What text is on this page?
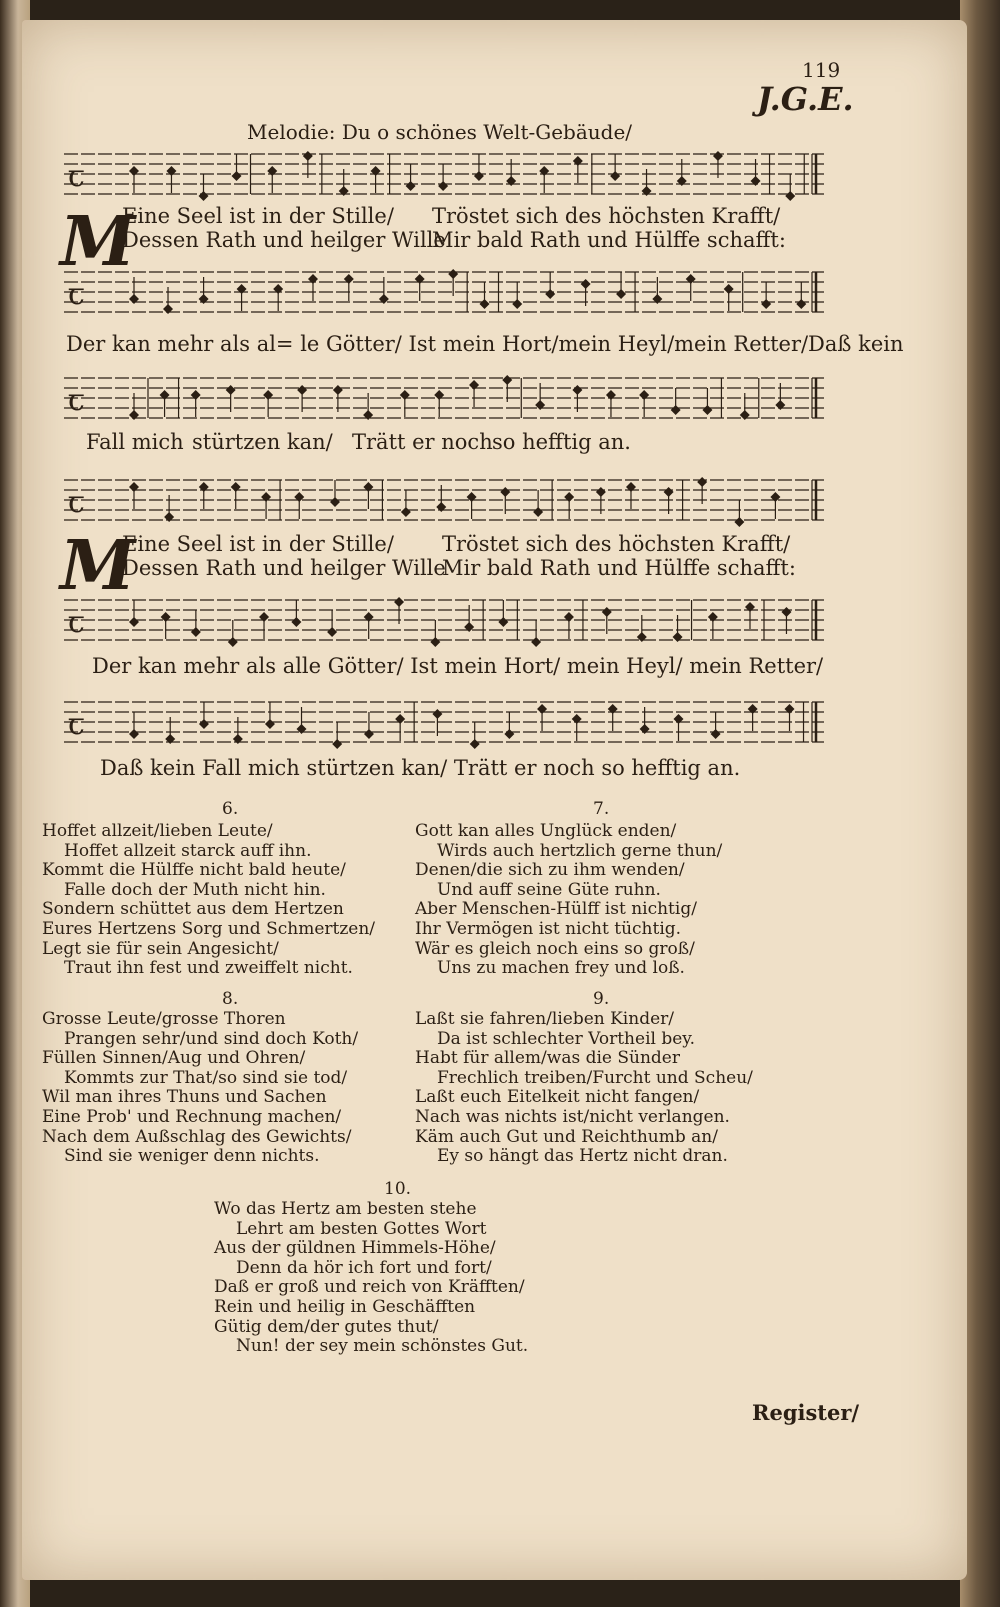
119
J.G.E.
Melodie: Du o schönes Welt-Gebäude/
ꞇ
M
Eine Seel ist in der Stille/ Tröstet sich des höchsten Krafft/
Dessen Rath und heilger Wille
Mir bald Rath und Hülffe schafft:
ꞇ
Der kan mehr als al= le Götter/ Ist mein Hort/mein Heyl/mein Retter/Daß kein
ꞇ
Fall mich stürtzen kan/ Trätt er noch so hefftig an.
ꞇ
M
Eine Seel ist in der Stille/ Tröstet sich des höchsten Krafft/
Dessen Rath und heilger Wille
Mir bald Rath und Hülffe schafft:
ꞇ
Der kan mehr als alle Götter/ Ist mein Hort/ mein Heyl/ mein Retter/
ꞇ
Daß kein Fall mich stürtzen kan/ Trätt er noch so hefftig an.
6.
Hoffet allzeit/lieben Leute/
Hoffet allzeit starck auff ihn.
Kommt die Hülffe nicht bald heute/
Falle doch der Muth nicht hin.
Sondern schüttet aus dem Hertzen
Eures Hertzens Sorg und Schmertzen/
Legt sie für sein Angesicht/
Traut ihn fest und zweiffelt nicht.
7.
Gott kan alles Unglück enden/
Wirds auch hertzlich gerne thun/
Denen/die sich zu ihm wenden/
Und auff seine Güte ruhn.
Aber Menschen-Hülff ist nichtig/
Ihr Vermögen ist nicht tüchtig.
Wär es gleich noch eins so groß/
Uns zu machen frey und loß.
8.
Grosse Leute/grosse Thoren
Prangen sehr/und sind doch Koth/
Füllen Sinnen/Aug und Ohren/
Kommts zur That/so sind sie tod/
Wil man ihres Thuns und Sachen
Eine Prob' und Rechnung machen/
Nach dem Außschlag des Gewichts/
Sind sie weniger denn nichts.
9.
Laßt sie fahren/lieben Kinder/
Da ist schlechter Vortheil bey.
Habt für allem/was die Sünder
Frechlich treiben/Furcht und Scheu/
Laßt euch Eitelkeit nicht fangen/
Nach was nichts ist/nicht verlangen.
Käm auch Gut und Reichthumb an/
Ey so hängt das Hertz nicht dran.
10.
Wo das Hertz am besten stehe
Lehrt am besten Gottes Wort
Aus der güldnen Himmels-Höhe/
Denn da hör ich fort und fort/
Daß er groß und reich von Kräfften/
Rein und heilig in Geschäfften
Gütig dem/der gutes thut/
Nun! der sey mein schönstes Gut.
Register/
